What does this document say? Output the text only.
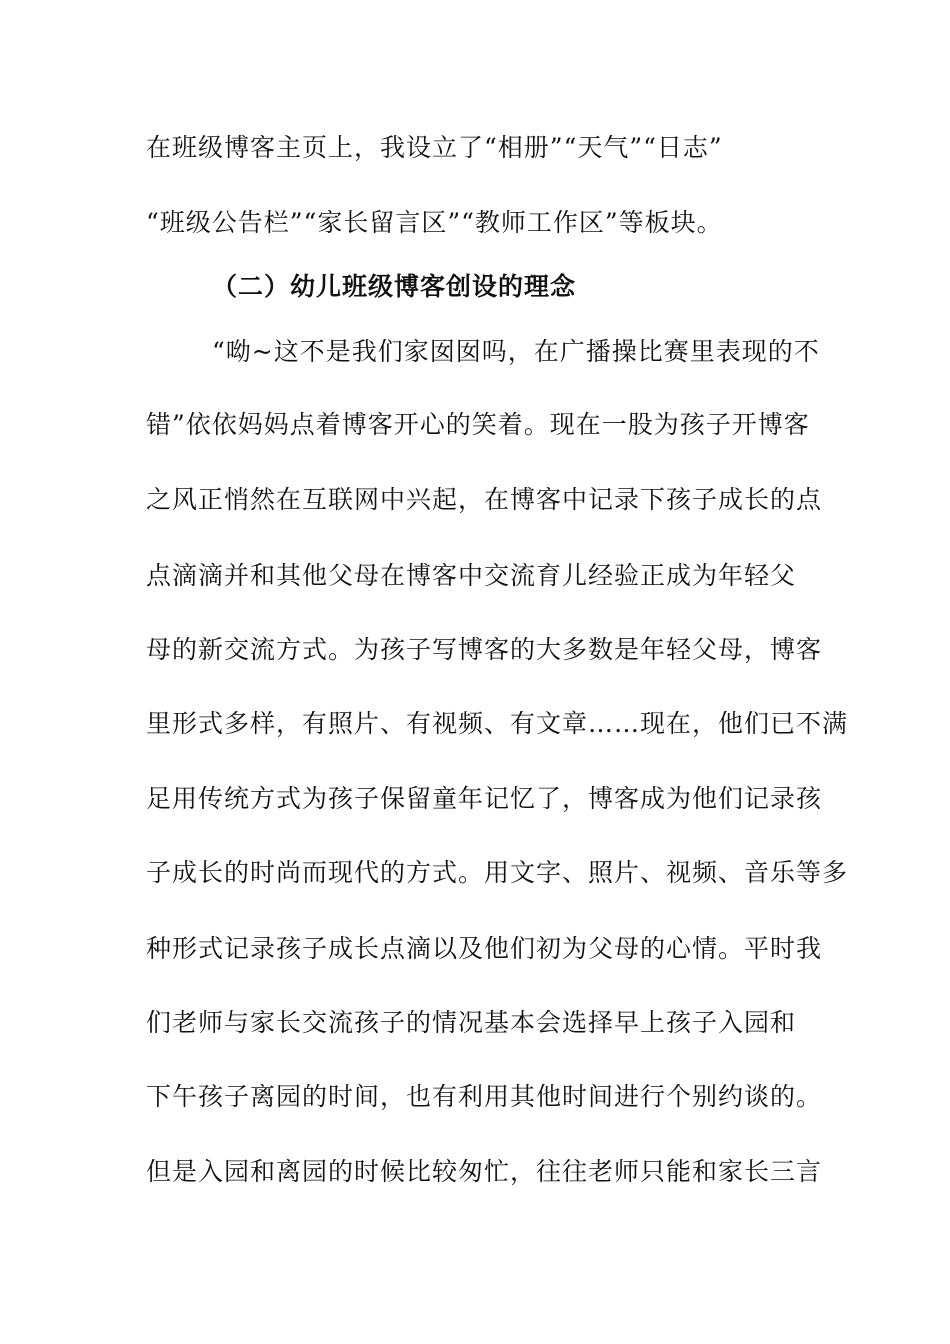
在班级博客主页上，我设立了“相册”“天气”“日志”
“班级公告栏”“家长留言区”“教师工作区”等板块。
（二）幼儿班级博客创设的理念
“呦~这不是我们家囡囡吗，在广播操比赛里表现的不
错”依依妈妈点着博客开心的笑着。现在一股为孩子开博客
之风正悄然在互联网中兴起，在博客中记录下孩子成长的点
点滴滴并和其他父母在博客中交流育儿经验正成为年轻父
母的新交流方式。为孩子写博客的大多数是年轻父母，博客
里形式多样，有照片、有视频、有文章……现在，他们已不满
足用传统方式为孩子保留童年记忆了，博客成为他们记录孩
子成长的时尚而现代的方式。用文字、照片、视频、音乐等多
种形式记录孩子成长点滴以及他们初为父母的心情。平时我
们老师与家长交流孩子的情况基本会选择早上孩子入园和
下午孩子离园的时间，也有利用其他时间进行个别约谈的。
但是入园和离园的时候比较匆忙，往往老师只能和家长三言
